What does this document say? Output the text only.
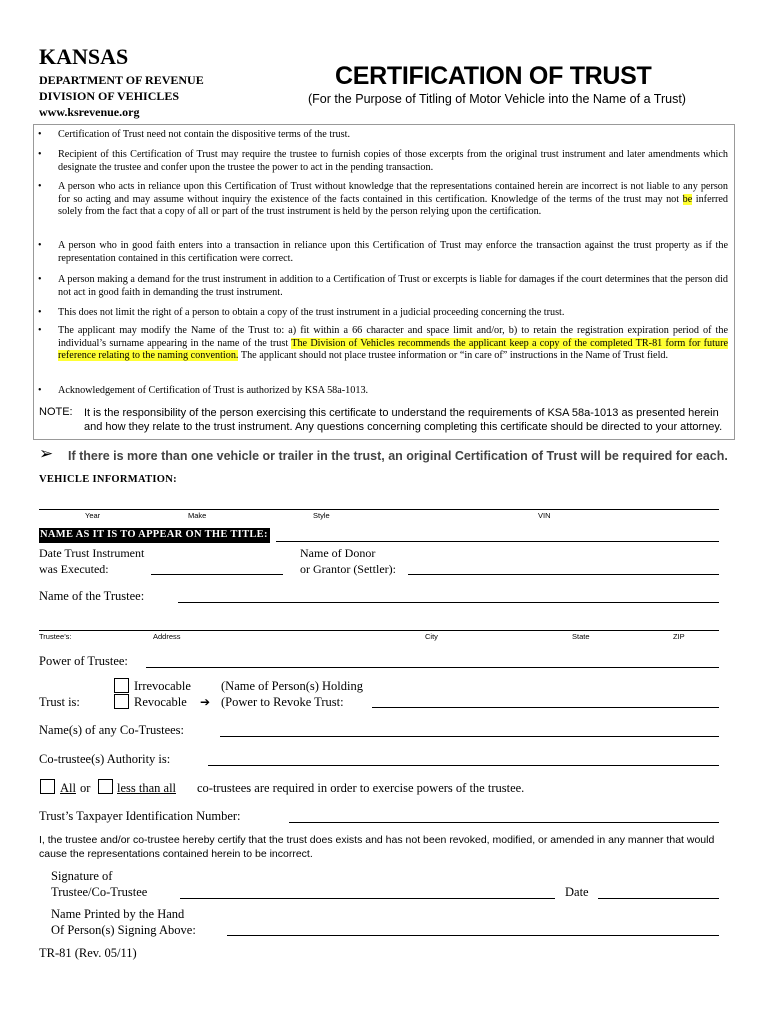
KANSAS
DEPARTMENT OF REVENUE
DIVISION OF VEHICLES
www.ksrevenue.org
CERTIFICATION OF TRUST
(For the Purpose of Titling of Motor Vehicle into the Name of a Trust)
• Certification of Trust need not contain the dispositive terms of the trust.
• Recipient of this Certification of Trust may require the trustee to furnish copies of those excerpts from the original trust instrument and later amendments which designate the trustee and confer upon the trustee the power to act in the pending transaction.
• A person who acts in reliance upon this Certification of Trust without knowledge that the representations contained herein are incorrect is not liable to any person for so acting and may assume without inquiry the existence of the facts contained in this certification. Knowledge of the terms of the trust may not be inferred solely from the fact that a copy of all or part of the trust instrument is held by the person relying upon the certification.
• A person who in good faith enters into a transaction in reliance upon this Certification of Trust may enforce the transaction against the trust property as if the representation contained in this certification were correct.
• A person making a demand for the trust instrument in addition to a Certification of Trust or excerpts is liable for damages if the court determines that the person did not act in good faith in demanding the trust instrument.
• This does not limit the right of a person to obtain a copy of the trust instrument in a judicial proceeding concerning the trust.
• The applicant may modify the Name of the Trust to: a) fit within a 66 character and space limit and/or, b) to retain the registration expiration period of the individual’s surname appearing in the name of the trust The Division of Vehicles recommends the applicant keep a copy of the completed TR-81 form for future reference relating to the naming convention. The applicant should not place trustee information or “in care of” instructions in the Name of Trust field.
• Acknowledgement of Certification of Trust is authorized by KSA 58a-1013.
NOTE: It is the responsibility of the person exercising this certificate to understand the requirements of KSA 58a-1013 as presented herein and how they relate to the trust instrument. Any questions concerning completing this certificate should be directed to your attorney.
➢ If there is more than one vehicle or trailer in the trust, an original Certification of Trust will be required for each.
VEHICLE INFORMATION:
Year	Make	Style	VIN
NAME AS IT IS TO APPEAR ON THE TITLE:
Date Trust Instrument
was Executed:
Name of Donor
or Grantor (Settler):
Name of the Trustee:
Trustee’s:	Address	City	State	ZIP
Power of Trustee:
Irrevocable (Name of Person(s) Holding
Trust is:	Revocable ➔ (Power to Revoke Trust:
Name(s) of any Co-Trustees:
Co-trustee(s) Authority is:
All or less than all co-trustees are required in order to exercise powers of the trustee.
Trust’s Taxpayer Identification Number:
I, the trustee and/or co-trustee hereby certify that the trust does exists and has not been revoked, modified, or amended in any manner that would cause the representations contained herein to be incorrect.
Signature of
Trustee/Co-Trustee	Date
Name Printed by the Hand
Of Person(s) Signing Above:
TR-81 (Rev. 05/11)
